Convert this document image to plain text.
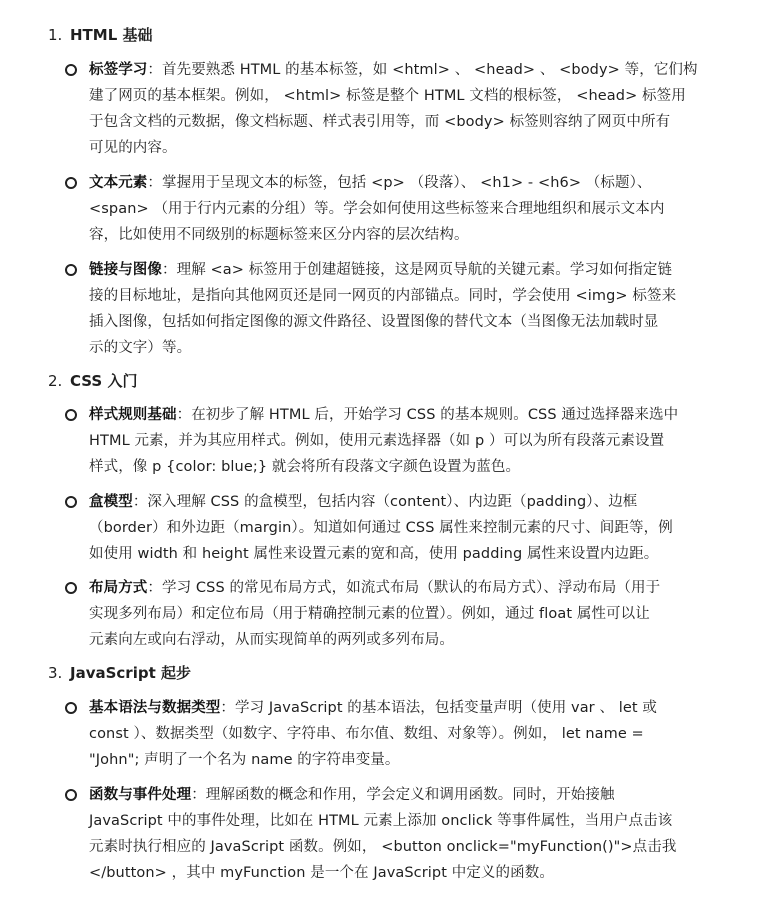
1. HTML 基础
标签学习：首先要熟悉 HTML 的基本标签，如 <html> 、 <head> 、 <body> 等，它们构
建了网页的基本框架。例如， <html> 标签是整个 HTML 文档的根标签， <head> 标签用
于包含文档的元数据，像文档标题、样式表引用等，而 <body> 标签则容纳了网页中所有
可见的内容。
文本元素：掌握用于呈现文本的标签，包括 <p> （段落）、 <h1> - <h6> （标题）、
<span> （用于行内元素的分组）等。学会如何使用这些标签来合理地组织和展示文本内
容，比如使用不同级别的标题标签来区分内容的层次结构。
链接与图像：理解 <a> 标签用于创建超链接，这是网页导航的关键元素。学习如何指定链
接的目标地址，是指向其他网页还是同一网页的内部锚点。同时，学会使用 <img> 标签来
插入图像，包括如何指定图像的源文件路径、设置图像的替代文本（当图像无法加载时显
示的文字）等。
2. CSS 入门
样式规则基础：在初步了解 HTML 后，开始学习 CSS 的基本规则。CSS 通过选择器来选中
HTML 元素，并为其应用样式。例如，使用元素选择器（如 p ）可以为所有段落元素设置
样式，像 p {color: blue;} 就会将所有段落文字颜色设置为蓝色。
盒模型：深入理解 CSS 的盒模型，包括内容（content）、内边距（padding）、边框
（border）和外边距（margin）。知道如何通过 CSS 属性来控制元素的尺寸、间距等，例
如使用 width 和 height 属性来设置元素的宽和高，使用 padding 属性来设置内边距。
布局方式：学习 CSS 的常见布局方式，如流式布局（默认的布局方式）、浮动布局（用于
实现多列布局）和定位布局（用于精确控制元素的位置）。例如，通过 float 属性可以让
元素向左或向右浮动，从而实现简单的两列或多列布局。
3. JavaScript 起步
基本语法与数据类型：学习 JavaScript 的基本语法，包括变量声明（使用 var 、 let 或
const ）、数据类型（如数字、字符串、布尔值、数组、对象等）。例如， let name =
"John"; 声明了一个名为 name 的字符串变量。
函数与事件处理：理解函数的概念和作用，学会定义和调用函数。同时，开始接触
JavaScript 中的事件处理，比如在 HTML 元素上添加 onclick 等事件属性，当用户点击该
元素时执行相应的 JavaScript 函数。例如， <button onclick="myFunction()">点击我
</button> ，其中 myFunction 是一个在 JavaScript 中定义的函数。
